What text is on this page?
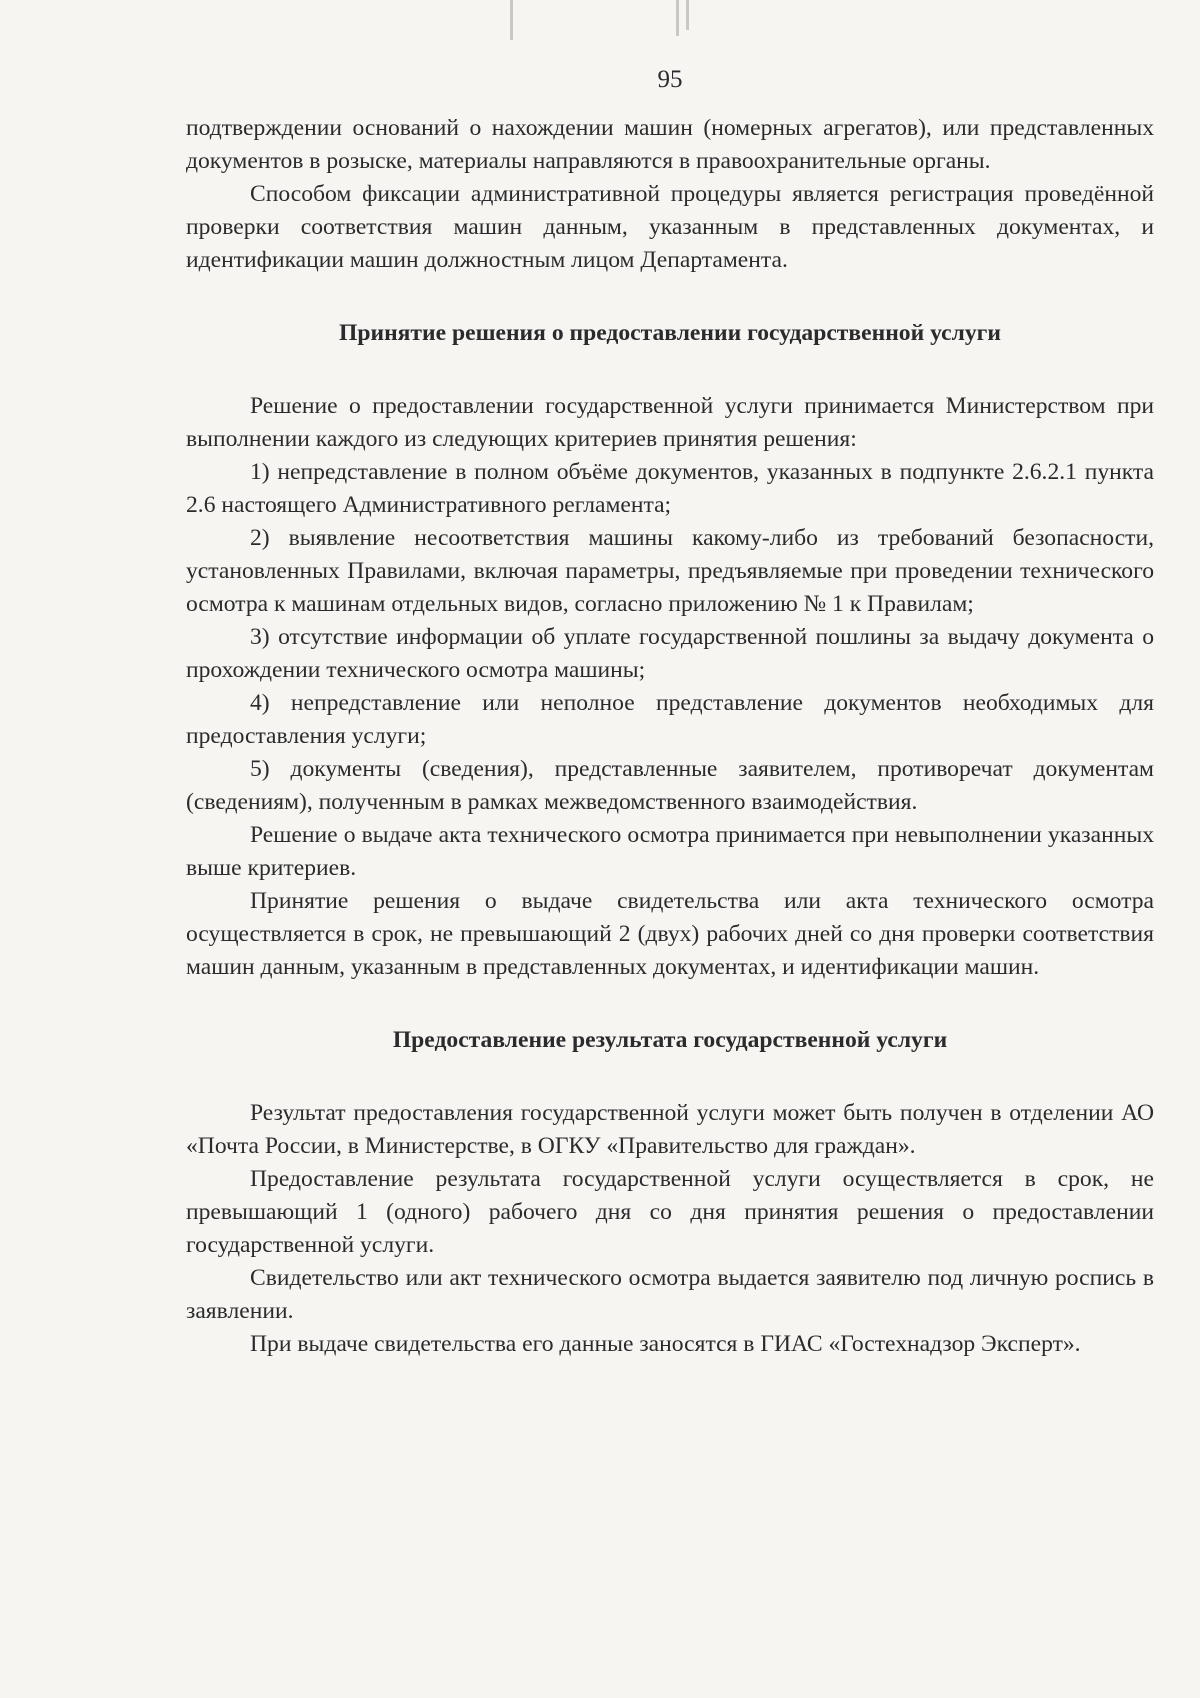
95

подтверждении оснований о нахождении машин (номерных агрегатов), или представленных документов в розыске, материалы направляются в правоохранительные органы.

Способом фиксации административной процедуры является регистрация проведённой проверки соответствия машин данным, указанным в представленных документах, и идентификации машин должностным лицом Департамента.

Принятие решения о предоставлении государственной услуги

Решение о предоставлении государственной услуги принимается Министерством при выполнении каждого из следующих критериев принятия решения:

1) непредставление в полном объёме документов, указанных в подпункте 2.6.2.1 пункта 2.6 настоящего Административного регламента;

2) выявление несоответствия машины какому-либо из требований безопасности, установленных Правилами, включая параметры, предъявляемые при проведении технического осмотра к машинам отдельных видов, согласно приложению № 1 к Правилам;

3) отсутствие информации об уплате государственной пошлины за выдачу документа о прохождении технического осмотра машины;

4) непредставление или неполное представление документов необходимых для предоставления услуги;

5) документы (сведения), представленные заявителем, противоречат документам (сведениям), полученным в рамках межведомственного взаимодействия.

Решение о выдаче акта технического осмотра принимается при невыполнении указанных выше критериев.

Принятие решения о выдаче свидетельства или акта технического осмотра осуществляется в срок, не превышающий 2 (двух) рабочих дней со дня проверки соответствия машин данным, указанным в представленных документах, и идентификации машин.

Предоставление результата государственной услуги

Результат предоставления государственной услуги может быть получен в отделении АО «Почта России, в Министерстве, в ОГКУ «Правительство для граждан».

Предоставление результата государственной услуги осуществляется в срок, не превышающий 1 (одного) рабочего дня со дня принятия решения о предоставлении государственной услуги.

Свидетельство или акт технического осмотра выдается заявителю под личную роспись в заявлении.

При выдаче свидетельства его данные заносятся в ГИАС «Гостехнадзор Эксперт».
